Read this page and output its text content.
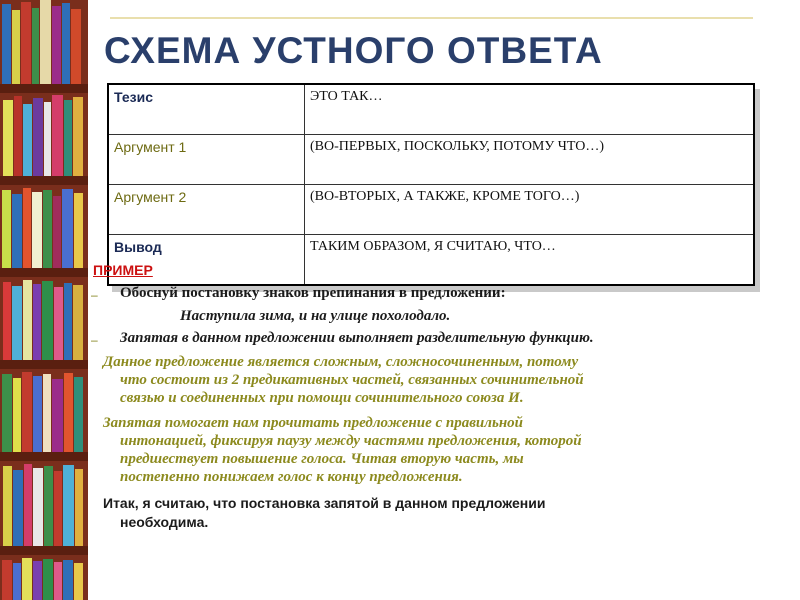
СХЕМА УСТНОГО ОТВЕТА
Тезис	ЭТО ТАК…
Аргумент 1	(ВО-ПЕРВЫХ, ПОСКОЛЬКУ, ПОТОМУ ЧТО…)
Аргумент 2	(ВО-ВТОРЫХ, А ТАКЖЕ, КРОМЕ ТОГО…)
Вывод	ТАКИМ ОБРАЗОМ, Я СЧИТАЮ, ЧТО…
ПРИМЕР
– Обоснуй постановку знаков препинания в предложении:
Наступила зима, и на улице похолодало.
– Запятая в данном предложении выполняет разделительную функцию.
Данное предложение является сложным, сложносочиненным, потому
что состоит из 2 предикативных частей, связанных сочинительной
связью и соединенных при помощи сочинительного союза И.
Запятая помогает нам прочитать предложение с правильной
интонацией, фиксируя паузу между частями предложения, которой
предшествует повышение голоса. Читая вторую часть, мы
постепенно понижаем голос к концу предложения.
Итак, я считаю, что постановка запятой в данном предложении
необходима.
